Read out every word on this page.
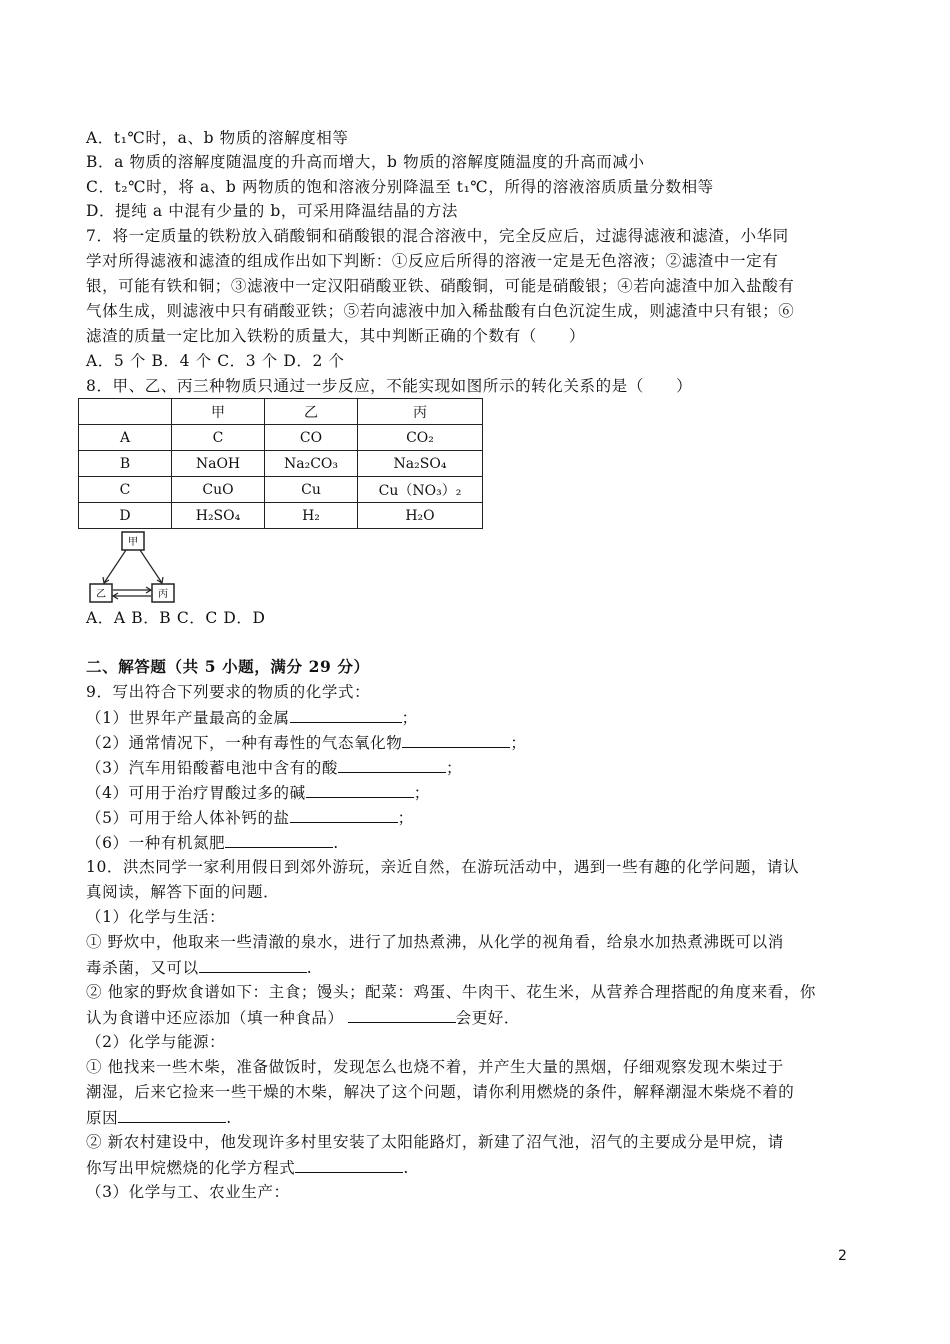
A．t₁℃时，a、b 物质的溶解度相等
B．a 物质的溶解度随温度的升高而增大，b 物质的溶解度随温度的升高而减小
C．t₂℃时，将 a、b 两物质的饱和溶液分别降温至 t₁℃，所得的溶液溶质质量分数相等
D．提纯 a 中混有少量的 b，可采用降温结晶的方法
7．将一定质量的铁粉放入硝酸铜和硝酸银的混合溶液中，完全反应后，过滤得滤液和滤渣，小华同
学对所得滤液和滤渣的组成作出如下判断：①反应后所得的溶液一定是无色溶液；②滤渣中一定有
银，可能有铁和铜；③滤液中一定汉阳硝酸亚铁、硝酸铜，可能是硝酸银；④若向滤渣中加入盐酸有
气体生成，则滤液中只有硝酸亚铁；⑤若向滤液中加入稀盐酸有白色沉淀生成，则滤渣中只有银；⑥
滤渣的质量一定比加入铁粉的质量大，其中判断正确的个数有（　　）
A．5 个 B．4 个 C．3 个 D．2 个
8．甲、乙、丙三种物质只通过一步反应，不能实现如图所示的转化关系的是（　　）
	甲	乙	丙
A	C	CO	CO₂
B	NaOH	Na₂CO₃	Na₂SO₄
C	CuO	Cu	Cu（NO₃）₂
D	H₂SO₄	H₂	H₂O
甲
乙	丙
A．A B．B C．C D．D
二、解答题（共 5 小题，满分 29 分）
9．写出符合下列要求的物质的化学式：
（1）世界年产量最高的金属	；
（2）通常情况下，一种有毒性的气态氧化物	；
（3）汽车用铅酸蓄电池中含有的酸	；
（4）可用于治疗胃酸过多的碱	；
（5）可用于给人体补钙的盐	；
（6）一种有机氮肥	.
10．洪杰同学一家利用假日到郊外游玩，亲近自然，在游玩活动中，遇到一些有趣的化学问题，请认
真阅读，解答下面的问题．
（1）化学与生活：
① 野炊中，他取来一些清澈的泉水，进行了加热煮沸，从化学的视角看，给泉水加热煮沸既可以消
毒杀菌，又可以	.
② 他家的野炊食谱如下：主食；馒头；配菜：鸡蛋、牛肉干、花生米，从营养合理搭配的角度来看，你
认为食谱中还应添加（填一种食品）	会更好．
（2）化学与能源：
① 他找来一些木柴，准备做饭时，发现怎么也烧不着，并产生大量的黑烟，仔细观察发现木柴过于
潮湿，后来它捡来一些干燥的木柴，解决了这个问题，请你利用燃烧的条件，解释潮湿木柴烧不着的
原因	.
② 新农村建设中，他发现许多村里安装了太阳能路灯，新建了沼气池，沼气的主要成分是甲烷，请
你写出甲烷燃烧的化学方程式	.
（3）化学与工、农业生产：
2
